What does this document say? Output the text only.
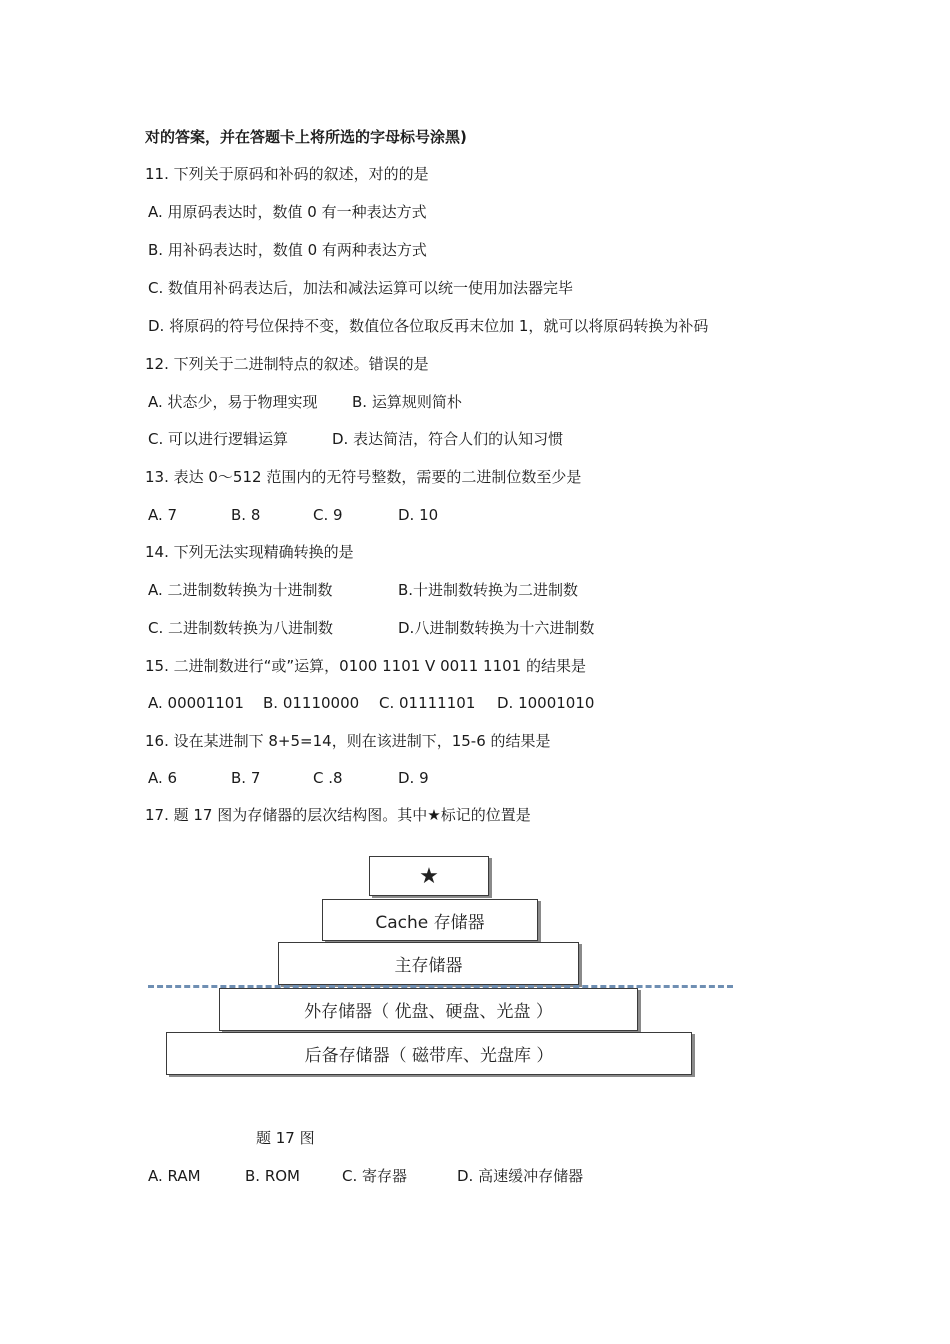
对的答案，并在答题卡上将所选的字母标号涂黑)
11. 下列关于原码和补码的叙述，对的的是
A. 用原码表达时，数值 0 有一种表达方式
B. 用补码表达时，数值 0 有两种表达方式
C. 数值用补码表达后，加法和减法运算可以统一使用加法器完毕
D. 将原码的符号位保持不变，数值位各位取反再末位加 1，就可以将原码转换为补码
12. 下列关于二进制特点的叙述。错误的是
A. 状态少，易于物理实现 B. 运算规则简朴
C. 可以进行逻辑运算	D. 表达简洁，符合人们的认知习惯
13. 表达 0～512 范围内的无符号整数，需要的二进制位数至少是
A. 7	B. 8	C. 9	D. 10
14. 下列无法实现精确转换的是
A. 二进制数转换为十进制数	B.十进制数转换为二进制数
C. 二进制数转换为八进制数	D.八进制数转换为十六进制数
15. 二进制数进行“或”运算，0100 1101 V 0011 1101 的结果是
A. 00001101 B. 01110000 C. 01111101 D. 10001010
16. 设在某进制下 8+5=14，则在该进制下，15-6 的结果是
A. 6	B. 7	C .8	D. 9
17. 题 17 图为存储器的层次结构图。其中★标记的位置是
★
Cache 存储器
主存储器
外存储器（ 优盘、硬盘、光盘 ）
后备存储器（ 磁带库、光盘库 ）
题 17 图
A. RAM	B. ROM	C. 寄存器	D. 高速缓冲存储器
